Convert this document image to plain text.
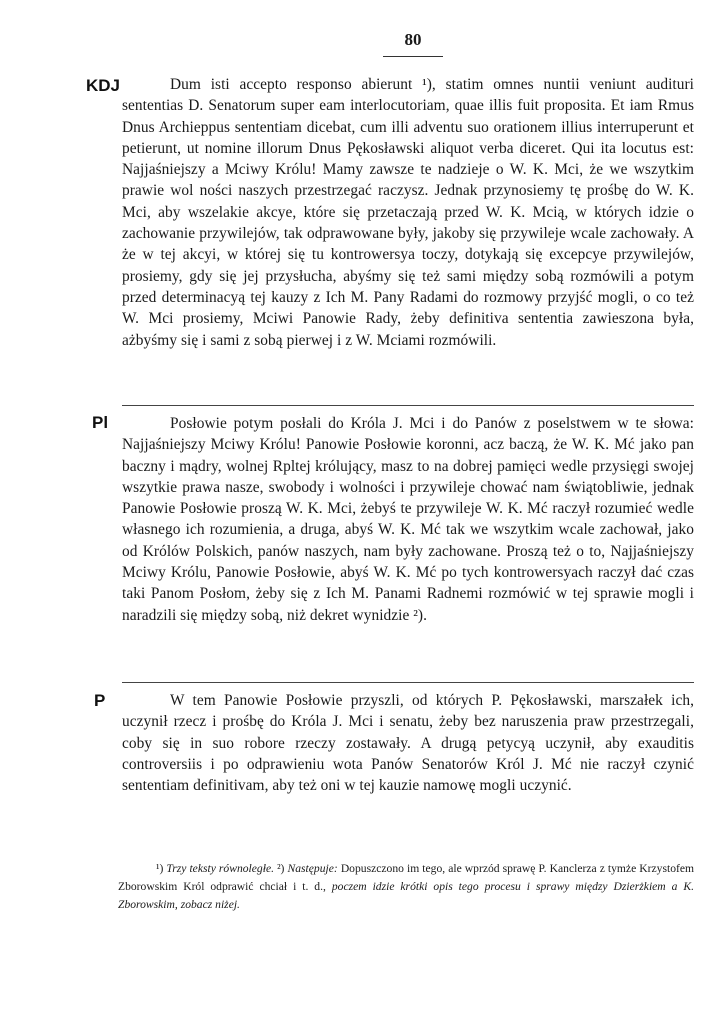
80
KDJ	Dum isti accepto responso abierunt ¹), statim omnes nuntii veniunt audituri sententias D. Senatorum super eam interlocutoriam, quae illis fuit proposita. Et iam Rmus Dnus Archieppus sententiam dicebat, cum illi adventu suo orationem illius interruperunt et petierunt, ut nomine illorum Dnus Pękosławski aliquot verba diceret. Qui ita locutus est: Najjaśniejszy a Mciwy Królu! Mamy zawsze te nadzieje o W. K. Mci, że we wszytkim prawie wol ności naszych przestrzegać raczysz. Jednak przynosiemy tę prośbę do W. K. Mci, aby wszelakie akcye, które się przetaczają przed W. K. Mcią, w których idzie o zachowanie przywilejów, tak odprawowane były, jakoby się przywileje wcale zachowały. A że w tej akcyi, w której się tu kontrowersya toczy, dotykają się excepcye przywilejów, prosiemy, gdy się jej przysłucha, abyśmy się też sami między sobą rozmówili a potym przed determinacyą tej kauzy z Ich M. Pany Radami do rozmowy przyjść mogli, o co też W. Mci prosiemy, Mciwi Panowie Rady, żeby definitiva sententia zawieszona była, ażbyśmy się i sami z sobą pierwej i z W. Mciami rozmówili.

Pl	Posłowie potym posłali do Króla J. Mci i do Panów z poselstwem w te słowa: Najjaśniejszy Mciwy Królu! Panowie Posłowie koronni, acz baczą, że W. K. Mć jako pan baczny i mądry, wolnej Rpltej królujący, masz to na dobrej pamięci wedle przysięgi swojej wszytkie prawa nasze, swobody i wolności i przywileje chować nam świątobliwie, jednak Panowie Posłowie proszą W. K. Mci, żebyś te przywileje W. K. Mć raczył rozumieć wedle własnego ich rozumienia, a druga, abyś W. K. Mć tak we wszytkim wcale zachował, jako od Królów Polskich, panów naszych, nam były zachowane. Proszą też o to, Najjaśniejszy Mciwy Królu, Panowie Posłowie, abyś W. K. Mć po tych kontrowersyach raczył dać czas taki Panom Posłom, żeby się z Ich M. Panami Radnemi rozmówić w tej sprawie mogli i naradzili się między sobą, niż dekret wynidzie ²).

P	W tem Panowie Posłowie przyszli, od których P. Pękosławski, marszałek ich, uczynił rzecz i prośbę do Króla J. Mci i senatu, żeby bez naruszenia praw przestrzegali, coby się in suo robore rzeczy zostawały. A drugą petycyą uczynił, aby exauditis controversiis i po odprawieniu wota Panów Senatorów Król J. Mć nie raczył czynić sententiam definitivam, aby też oni w tej kauzie namowę mogli uczynić.

¹) Trzy teksty równoległe. ²) Następuje: Dopuszczono im tego, ale wprzód sprawę P. Kanclerza z tymże Krzystofem Zborowskim Król odprawić chciał i t. d., poczem idzie krótki opis tego procesu i sprawy między Dzierżkiem a K. Zborowskim, zobacz niżej.
